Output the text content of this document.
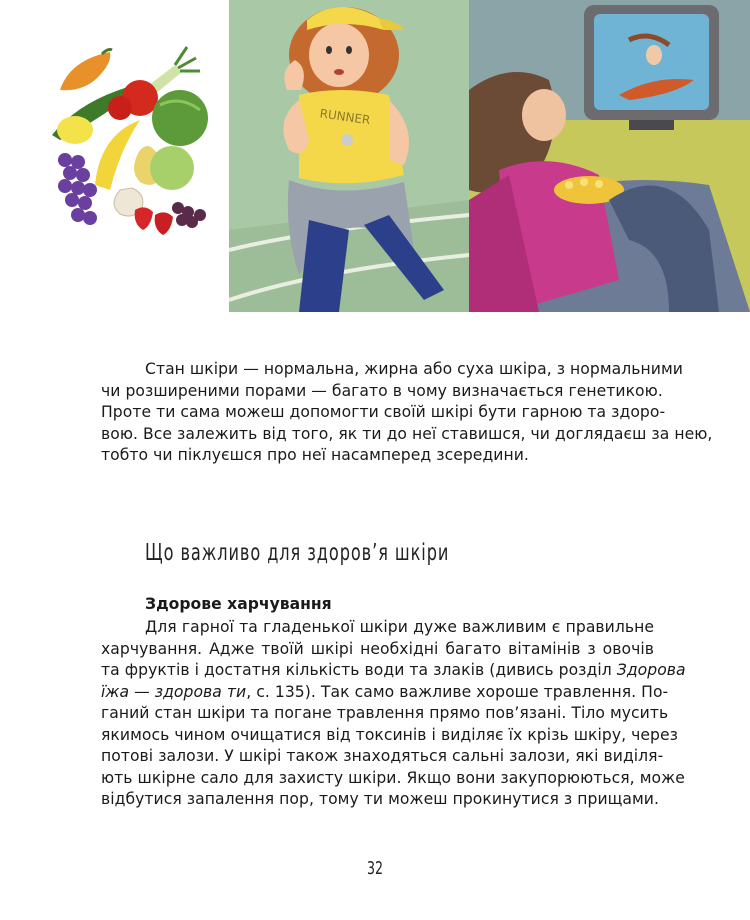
RUNNER
Стан шкіри — нормальна, жирна або суха шкіра, з нормальними
чи розширеними порами — багато в чому визначається генетикою.
Проте ти сама можеш допомогти своїй шкірі бути гарною та здоро-
вою. Все залежить від того, як ти до неї ставишся, чи доглядаєш за нею,
тобто чи піклуєшся про неї насамперед зсередини.
Що важливо для здоров’я шкіри
Здорове харчування
Для гарної та гладенької шкіри дуже важливим є правильне
харчування. Адже твоїй шкірі необхідні багато вітамінів з овочів
та фруктів і достатня кількість води та злаків (дивись розділ Здорова
їжа — здорова ти, с. 135). Так само важливе хороше травлення. По-
ганий стан шкіри та погане травлення прямо пов’язані. Тіло мусить
якимось чином очищатися від токсинів і виділяє їх крізь шкіру, через
потові залози. У шкірі також знаходяться сальні залози, які виділя-
ють шкірне сало для захисту шкіри. Якщо вони закупорюються, може
відбутися запалення пор, тому ти можеш прокинутися з прищами.
32
